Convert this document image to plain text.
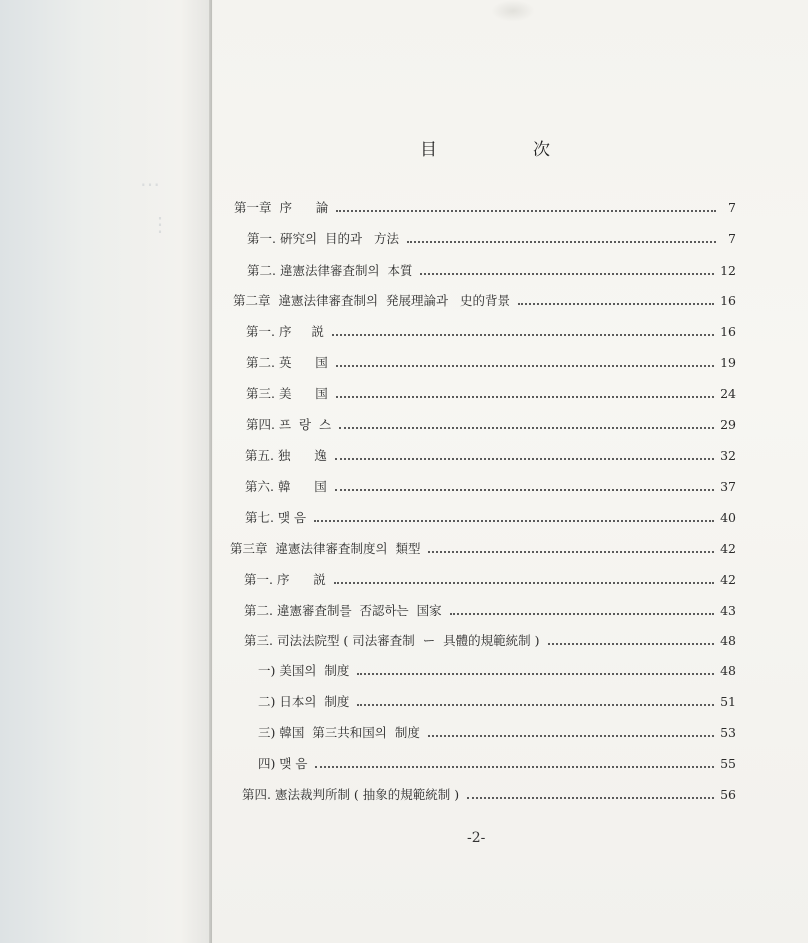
⋯
⋮
目	次
第一章  序      論	7
第一. 硏究의  目的과   方法	7
第二. 違憲法律審査制의  本質	12
第二章  違憲法律審査制의  発展理論과   史的背景	16
第一. 序     説	16
第二. 英      国	19
第三. 美      国	24
第四. 프  랑  스	29
第五. 独      逸	32
第六. 韓      国	37
第七. 맺 음	40
第三章  違憲法律審査制度의  類型	42
第一. 序      説	42
第二. 違憲審査制를  否認하는  国家	43
第三. 司法法院型 ( 司法審査制  ー  具體的規範統制 )	48
一) 美国의  制度	48
二) 日本의  制度	51
三) 韓国  第三共和国의  制度	53
四) 맺 음	55
第四. 憲法裁判所制 ( 抽象的規範統制 )	56
-2-
